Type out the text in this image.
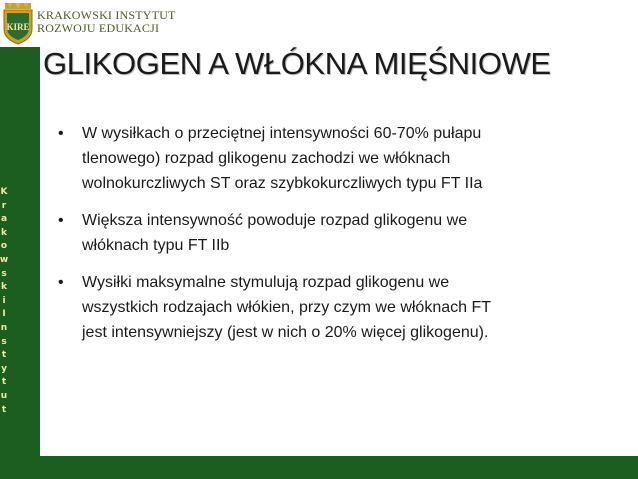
K
r
a
k
o
w
s
k
i
I
n
s
t
y
t
u
t
KIRE
KRAKOWSKI INSTYTUT
ROZWOJU EDUKACJI
GLIKOGEN A WŁÓKNA MIĘŚNIOWE
• W wysiłkach o przeciętnej intensywności 60-70% pułapu
tlenowego) rozpad glikogenu zachodzi we włóknach
wolnokurczliwych ST oraz szybkokurczliwych typu FT IIa
• Większa intensywność powoduje rozpad glikogenu we
włóknach typu FT IIb
• Wysiłki maksymalne stymulują rozpad glikogenu we
wszystkich rodzajach włókien, przy czym we włóknach FT
jest intensywniejszy (jest w nich o 20% więcej glikogenu).
